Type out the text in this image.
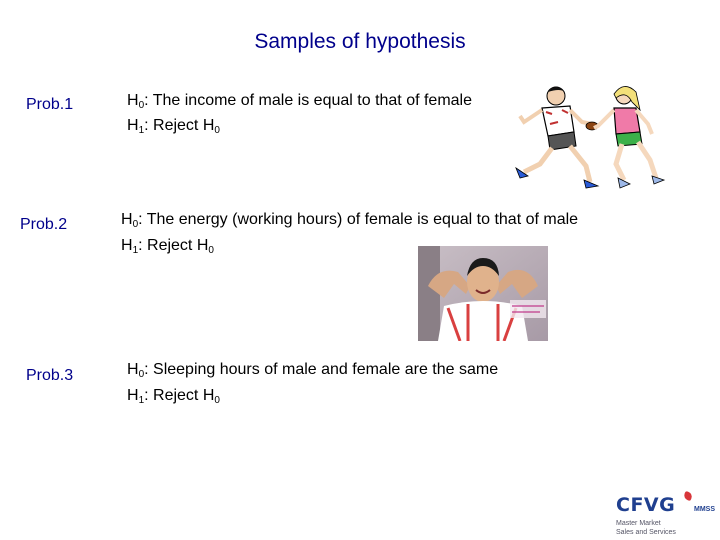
Samples of hypothesis
Prob.1	$H_0$: The income of male is equal to that of female
$H_1$: Reject $H_0$
Prob.2	$H_0$: The energy (working hours) of female is equal to that of male
$H_1$: Reject $H_0$
Prob.3	$H_0$: Sleeping hours of male and female are the same
$H_1$: Reject $H_0$
CFVG	MMSS
Master Market
Sales and Services
